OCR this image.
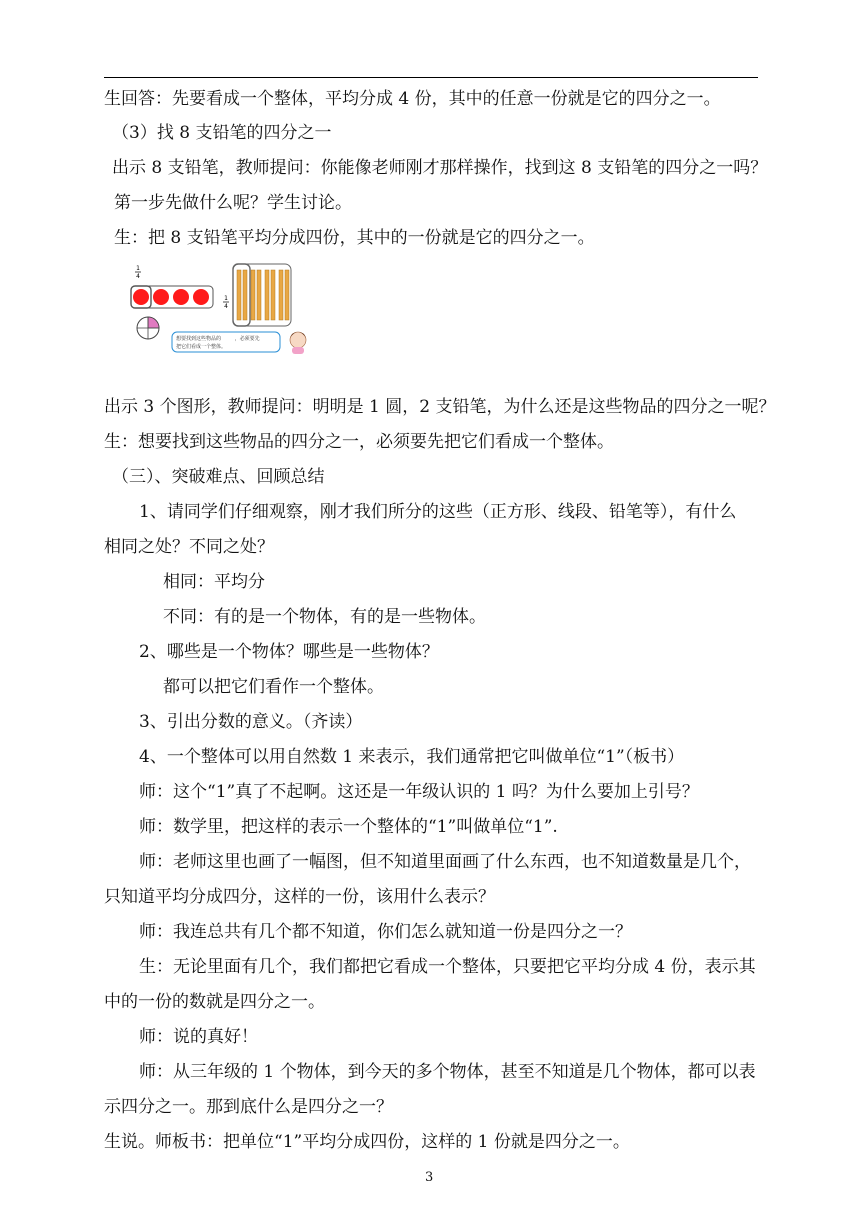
生回答：先要看成一个整体，平均分成 4 份，其中的任意一份就是它的四分之一。
（3）找 8 支铅笔的四分之一
出示 8 支铅笔，教师提问：你能像老师刚才那样操作，找到这 8 支铅笔的四分之一吗？
第一步先做什么呢？学生讨论。
生：把 8 支铅笔平均分成四份，其中的一份就是它的四分之一。
1
4
1
4
想要找到这些物品的	，必须要先
把它们看成一个整体。
出示 3 个图形，教师提问：明明是 1 圆，2 支铅笔，为什么还是这些物品的四分之一呢？
生：想要找到这些物品的四分之一，必须要先把它们看成一个整体。
（三）、突破难点、回顾总结
1、请同学们仔细观察，刚才我们所分的这些（正方形、线段、铅笔等），有什么
相同之处？不同之处？
相同：平均分
不同：有的是一个物体，有的是一些物体。
2、哪些是一个物体？哪些是一些物体？
都可以把它们看作一个整体。
3、引出分数的意义。（齐读）
4、一个整体可以用自然数 1 来表示，我们通常把它叫做单位“1”（板书）
师：这个“1”真了不起啊。这还是一年级认识的 1 吗？为什么要加上引号？
师：数学里，把这样的表示一个整体的“1”叫做单位“1”.
师：老师这里也画了一幅图，但不知道里面画了什么东西，也不知道数量是几个，
只知道平均分成四分，这样的一份，该用什么表示？
师：我连总共有几个都不知道，你们怎么就知道一份是四分之一？
生：无论里面有几个，我们都把它看成一个整体，只要把它平均分成 4 份，表示其
中的一份的数就是四分之一。
师：说的真好！
师：从三年级的 1 个物体，到今天的多个物体，甚至不知道是几个物体，都可以表
示四分之一。那到底什么是四分之一？
生说。师板书：把单位“1”平均分成四份，这样的 1 份就是四分之一。
3
